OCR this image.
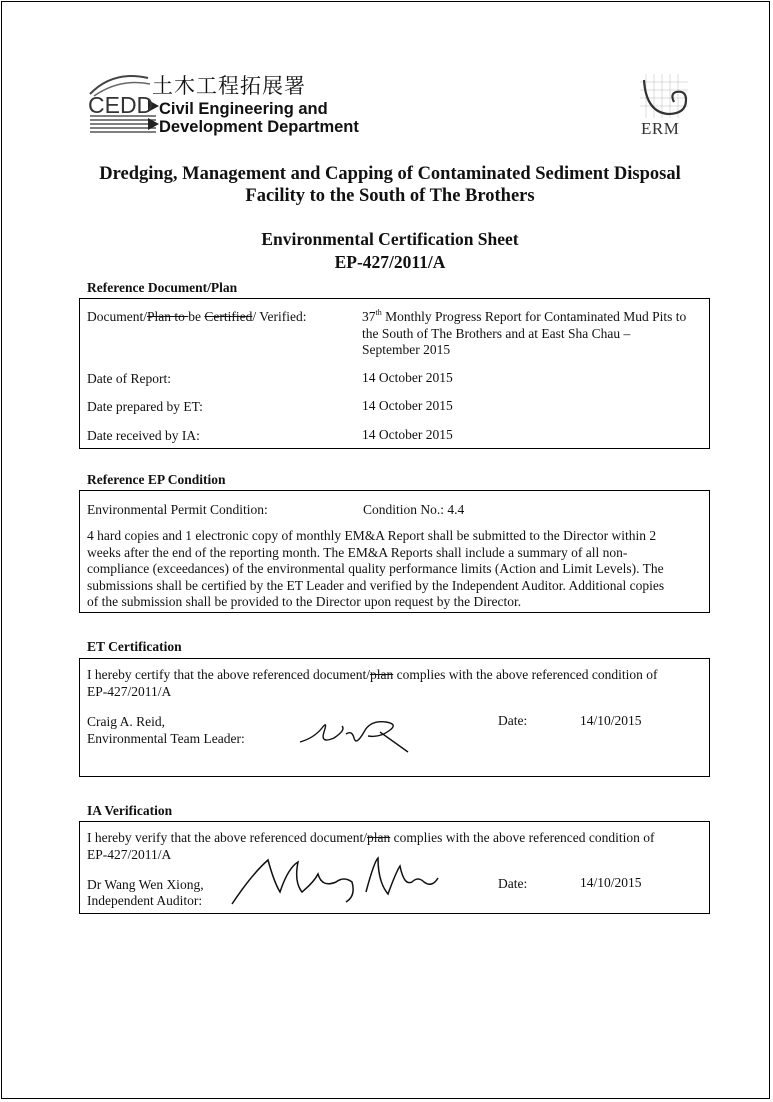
土木工程拓展署
CEDD Civil Engineering and
Development Department	ERM
Dredging, Management and Capping of Contaminated Sediment Disposal
Facility to the South of The Brothers
Environmental Certification Sheet
EP-427/2011/A
Reference Document/Plan
Document/Plan to be Certified/ Verified:	37th Monthly Progress Report for Contaminated Mud Pits to
the South of The Brothers and at East Sha Chau –
September 2015
Date of Report:	14 October 2015
Date prepared by ET:	14 October 2015
Date received by IA:	14 October 2015
Reference EP Condition
Environmental Permit Condition:	Condition No.: 4.4
4 hard copies and 1 electronic copy of monthly EM&A Report shall be submitted to the Director within 2
weeks after the end of the reporting month. The EM&A Reports shall include a summary of all non-
compliance (exceedances) of the environmental quality performance limits (Action and Limit Levels). The
submissions shall be certified by the ET Leader and verified by the Independent Auditor. Additional copies
of the submission shall be provided to the Director upon request by the Director.
ET Certification
I hereby certify that the above referenced document/plan complies with the above referenced condition of
EP-427/2011/A
Craig A. Reid,
Environmental Team Leader:
Date:	14/10/2015
IA Verification
I hereby verify that the above referenced document/plan complies with the above referenced condition of
EP-427/2011/A
Dr Wang Wen Xiong,
Independent Auditor:
Date:	14/10/2015
